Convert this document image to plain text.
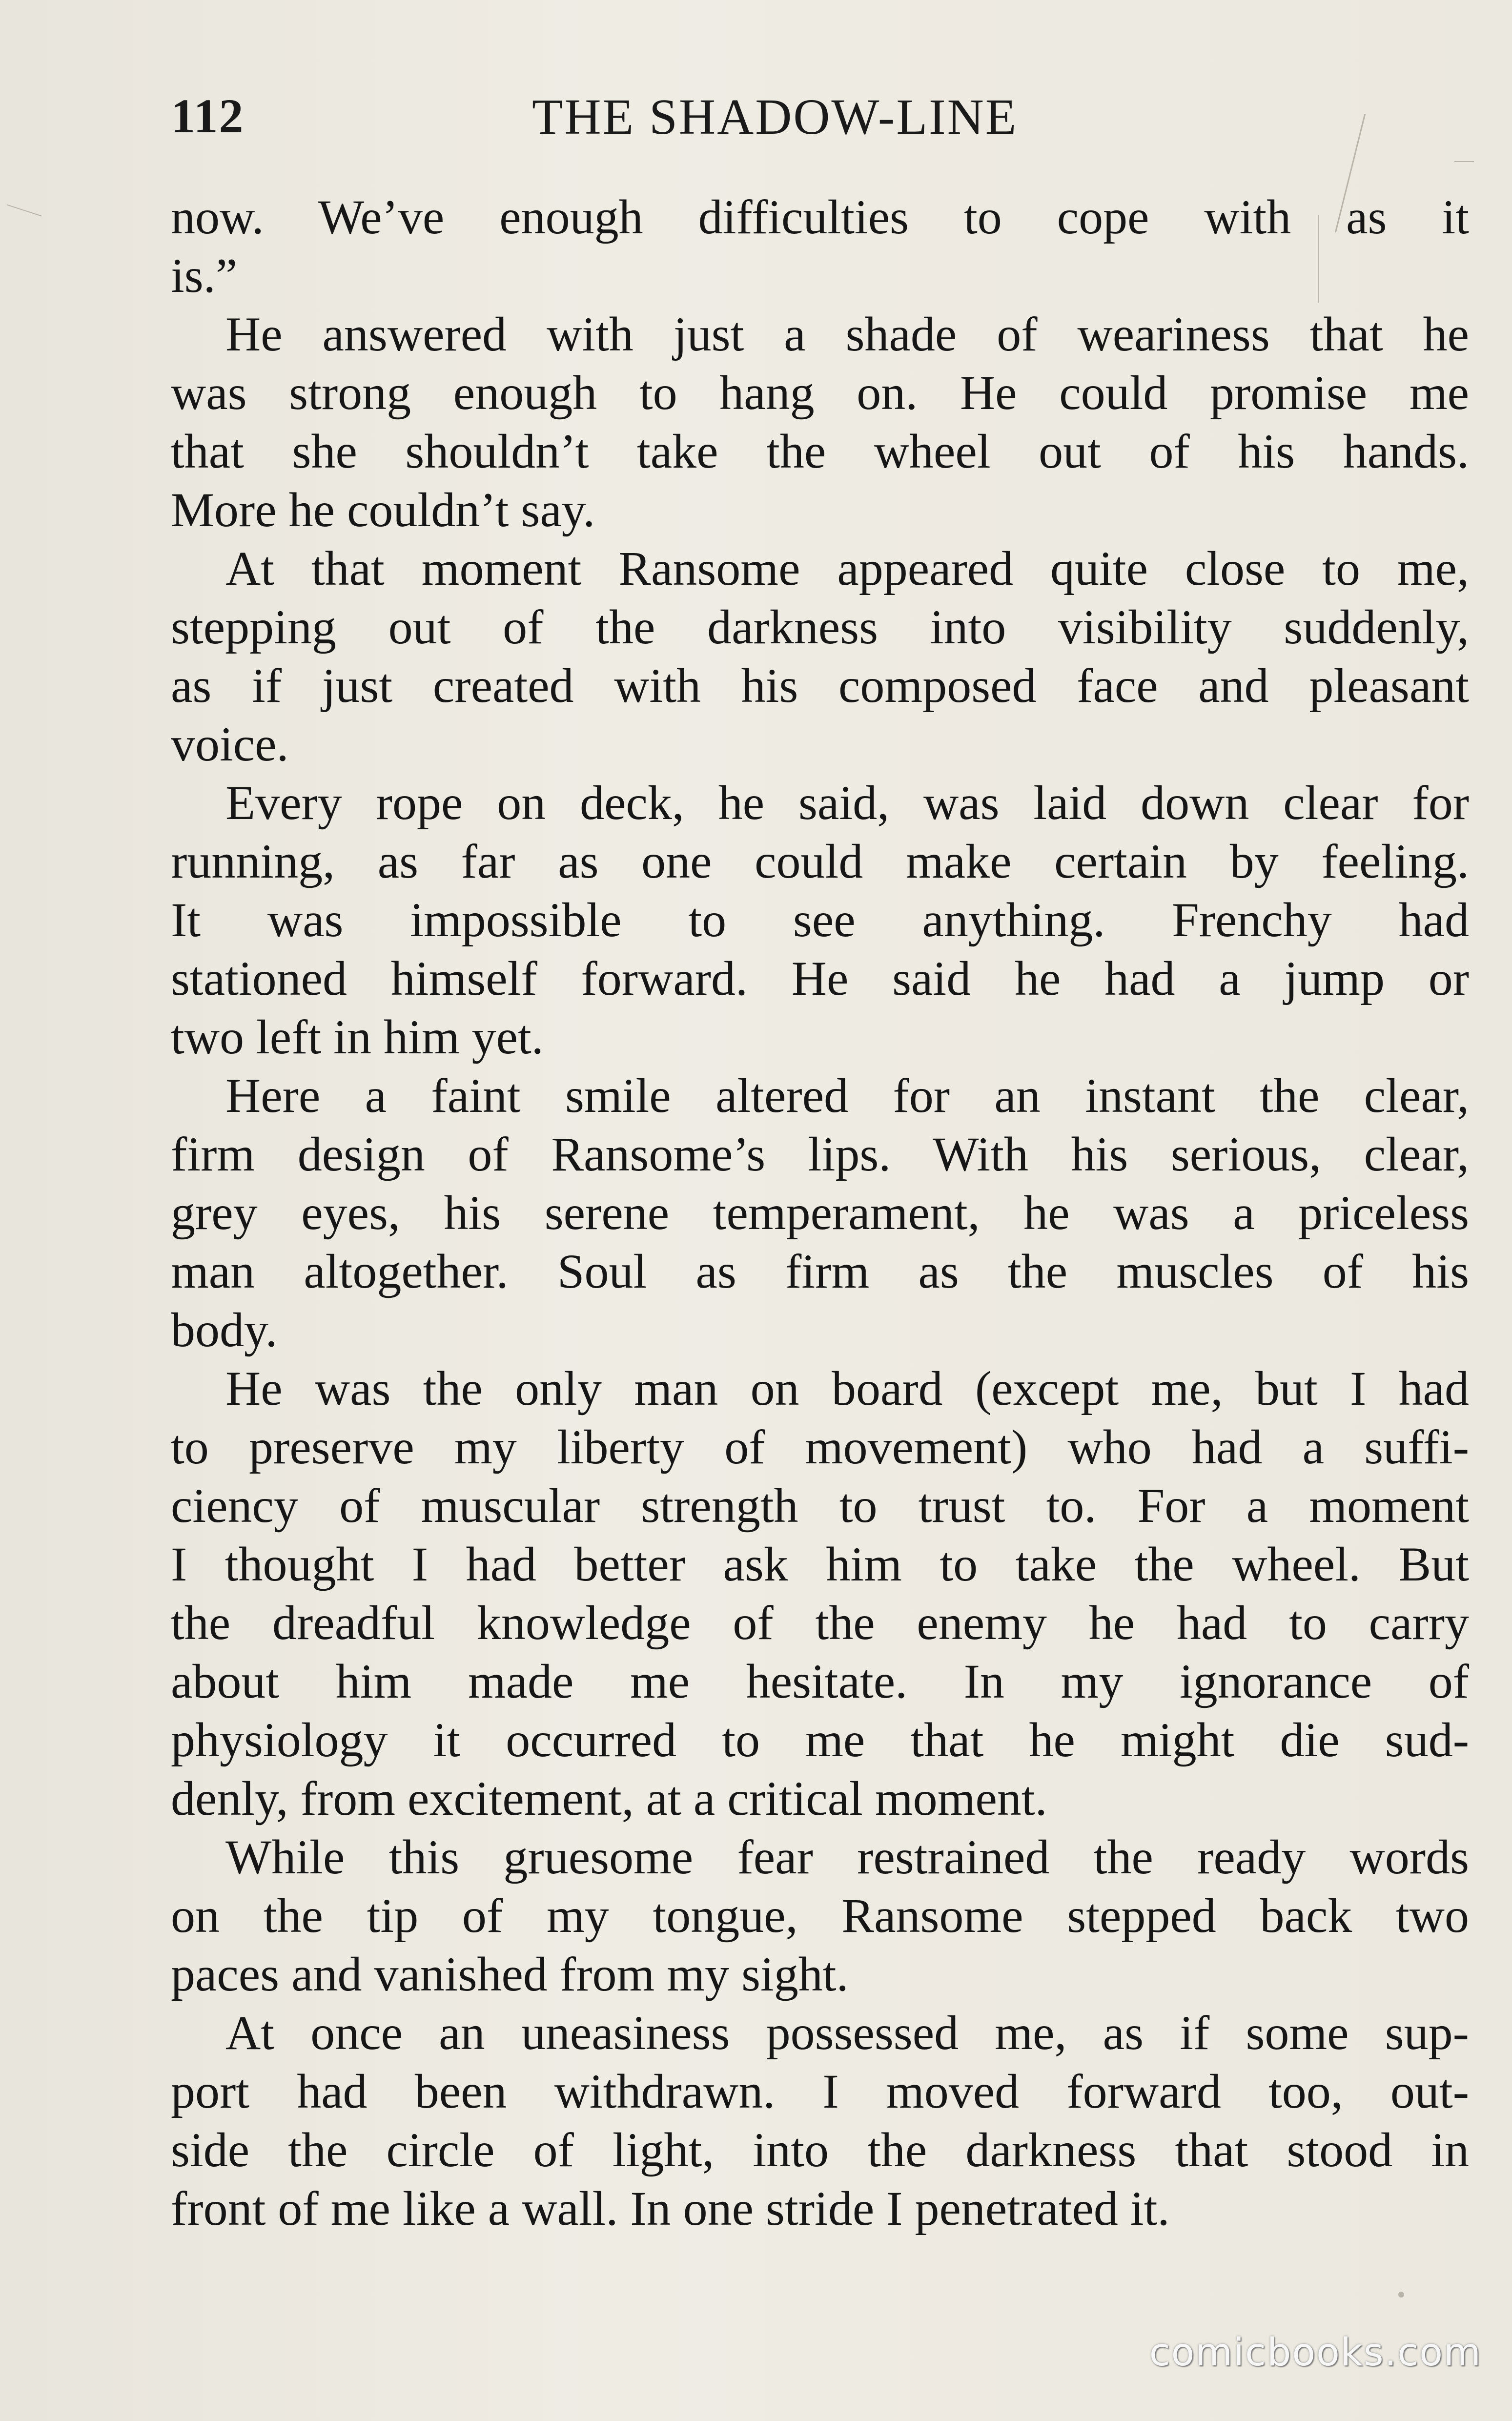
112	THE SHADOW-LINE
now. We’ve enough difficulties to cope with as it
is.”
He answered with just a shade of weariness that he
was strong enough to hang on. He could promise me
that she shouldn’t take the wheel out of his hands.
More he couldn’t say.
At that moment Ransome appeared quite close to me,
stepping out of the darkness into visibility suddenly,
as if just created with his composed face and pleasant
voice.
Every rope on deck, he said, was laid down clear for
running, as far as one could make certain by feeling.
It was impossible to see anything. Frenchy had
stationed himself forward. He said he had a jump or
two left in him yet.
Here a faint smile altered for an instant the clear,
firm design of Ransome’s lips. With his serious, clear,
grey eyes, his serene temperament, he was a priceless
man altogether. Soul as firm as the muscles of his
body.
He was the only man on board (except me, but I had
to preserve my liberty of movement) who had a suffi-
ciency of muscular strength to trust to. For a moment
I thought I had better ask him to take the wheel. But
the dreadful knowledge of the enemy he had to carry
about him made me hesitate. In my ignorance of
physiology it occurred to me that he might die sud-
denly, from excitement, at a critical moment.
While this gruesome fear restrained the ready words
on the tip of my tongue, Ransome stepped back two
paces and vanished from my sight.
At once an uneasiness possessed me, as if some sup-
port had been withdrawn. I moved forward too, out-
side the circle of light, into the darkness that stood in
front of me like a wall. In one stride I penetrated it.
comicbooks.com
